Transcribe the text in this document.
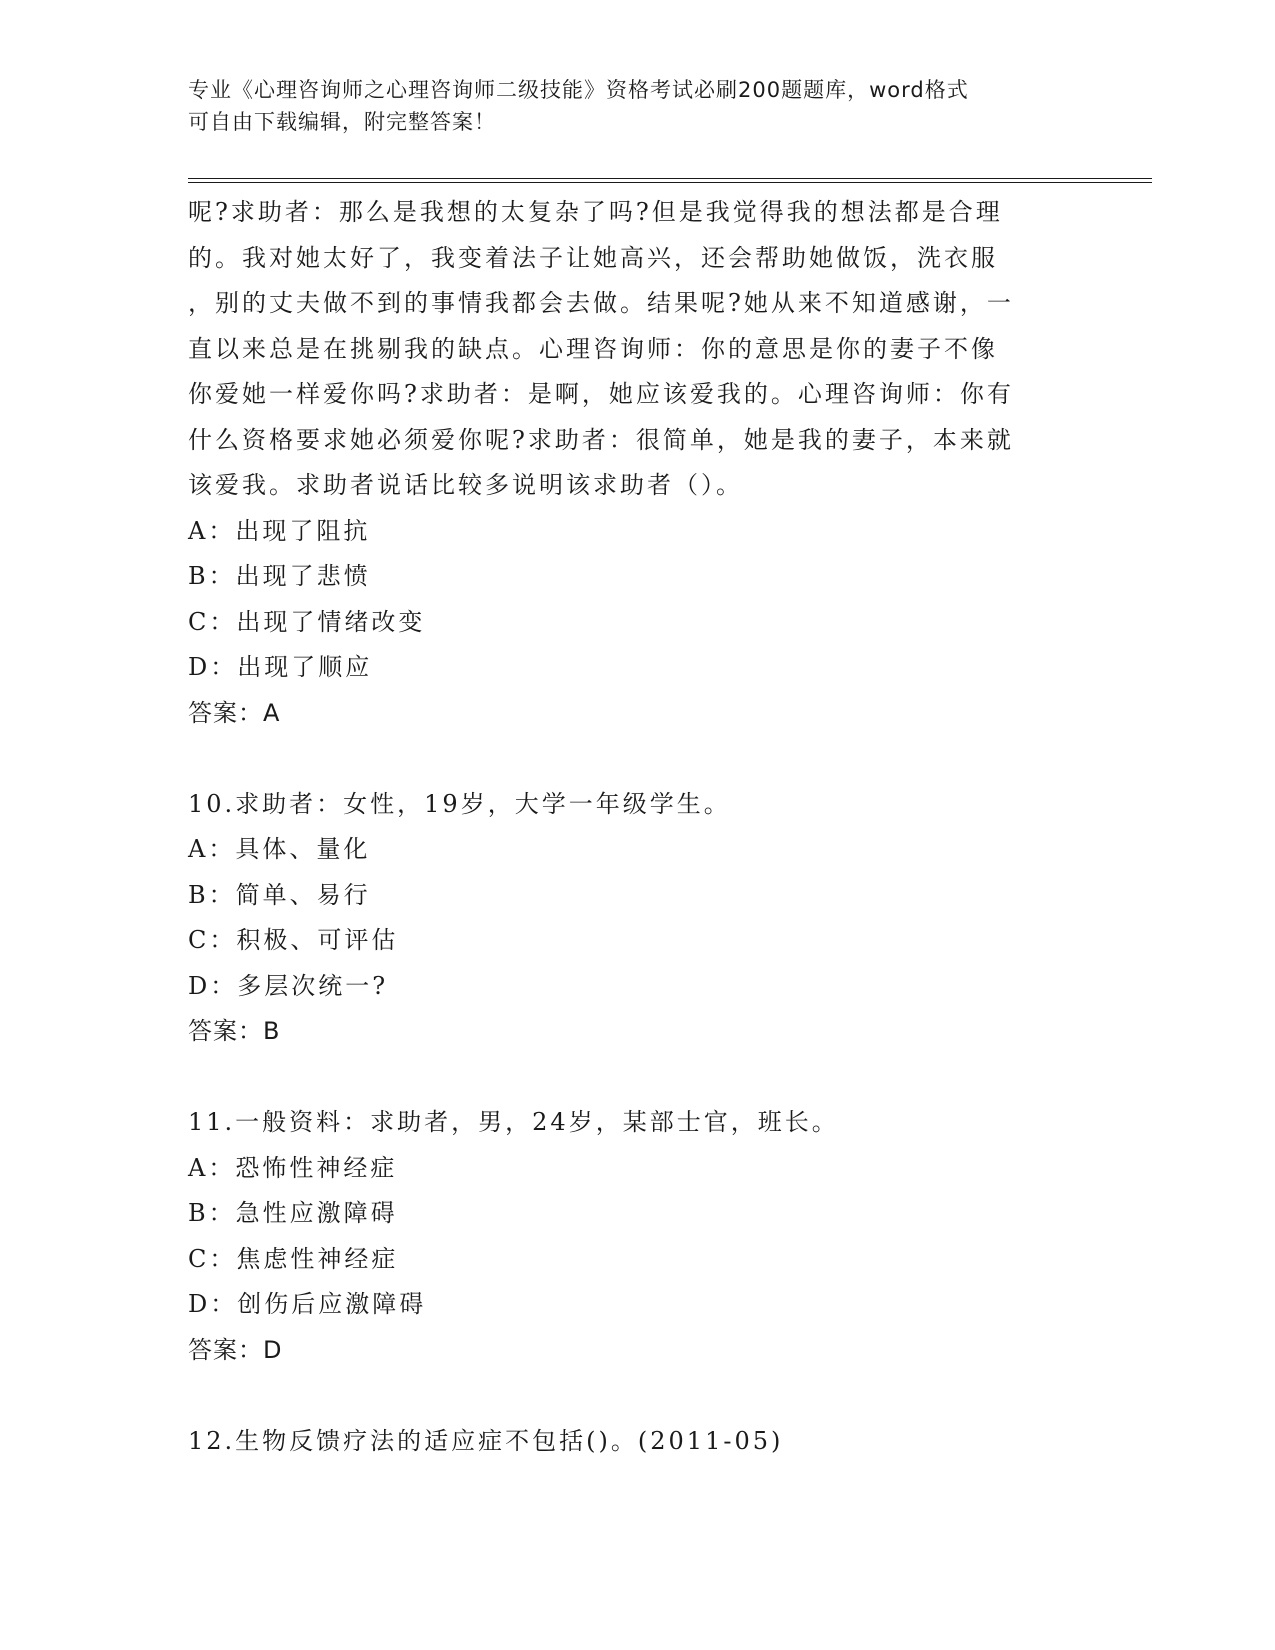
专业《心理咨询师之心理咨询师二级技能》资格考试必刷200题题库，word格式
可自由下载编辑，附完整答案！
呢?求助者：那么是我想的太复杂了吗?但是我觉得我的想法都是合理
的。我对她太好了，我变着法子让她高兴，还会帮助她做饭，洗衣服
，别的丈夫做不到的事情我都会去做。结果呢?她从来不知道感谢，一
直以来总是在挑剔我的缺点。心理咨询师：你的意思是你的妻子不像
你爱她一样爱你吗?求助者：是啊，她应该爱我的。心理咨询师：你有
什么资格要求她必须爱你呢?求助者：很简单，她是我的妻子，本来就
该爱我。求助者说话比较多说明该求助者（）。
A：出现了阻抗
B：出现了悲愤
C：出现了情绪改变
D：出现了顺应
答案：A
10.求助者：女性，19岁，大学一年级学生。
A：具体、量化
B：简单、易行
C：积极、可评估
D：多层次统一?
答案：B
11.一般资料：求助者，男，24岁，某部士官，班长。
A：恐怖性神经症
B：急性应激障碍
C：焦虑性神经症
D：创伤后应激障碍
答案：D
12.生物反馈疗法的适应症不包括()。(2011-05)
